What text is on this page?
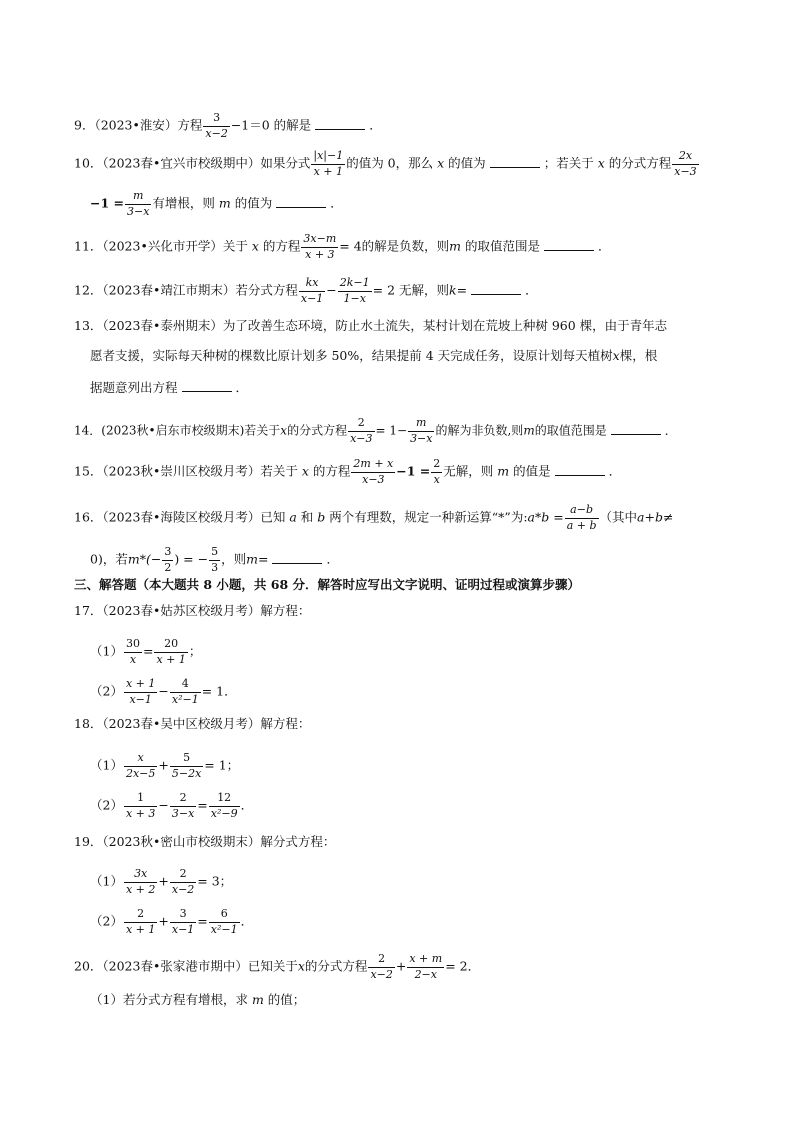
9．（2023•淮安）方程 $\frac{3}{x-2} -1=0$ 的解是	．
10．（2023春•宜兴市校级期中）如果分式 $\frac{|x|-1}{x + 1}$ 的值为 0，那么 x 的值为	；若关于 x 的分式方程 $\frac{2x}{x-3}$
$-1 = \frac{m}{3-x}$ 有增根，则 m 的值为	．
11．（2023•兴化市开学）关于 x 的方程 $\frac{3x-m}{x + 3} = 4$的解是负数，则m 的取值范围是	．
12．（2023春•靖江市期末）若分式方程 $\frac{kx}{x-1} - \frac{2k-1}{1-x} = 2$ 无解，则k=	．
13．（2023春•泰州期末）为了改善生态环境，防止水土流失，某村计划在荒坡上种树 960 棵，由于青年志
愿者支援，实际每天种树的棵数比原计划多 50%，结果提前 4 天完成任务，设原计划每天植树x棵，根
据题意列出方程	．
14．(2023秋•启东市校级期末)若关于x的分式方程 $\frac{2}{x-3} = 1- \frac{m}{3-x}$ 的解为非负数,则m的取值范围是	．
15．（2023秋•崇川区校级月考）若关于 x 的方程 $\frac{2m + x}{x-3} -1 = \frac{2}{x}$ 无解，则 m 的值是	．
16．（2023春•海陵区校级月考）已知 a 和 b 两个有理数，规定一种新运算“*”为:a*b = $\frac{a-b}{a + b}$ （其中a+b≠
0)，若$m*(- \frac{3}{2}$ ) = − $\frac{5}{3}$ ，则m=	．
三、解答题（本大题共 8 小题，共 68 分．解答时应写出文字说明、证明过程或演算步骤）
17．（2023春•姑苏区校级月考）解方程：
$(1) \frac{30}{x} = \frac{20}{x + 1}$ ；
$(2) \frac{x + 1}{x-1} - \frac{4}{\text{x²−1}} = 1$．
18．（2023春•吴中区校级月考）解方程：
$(1) \frac{x}{2x-5} + \frac{5}{5-2x} = 1$；
$(2) \frac{1}{x + 3} - \frac{2}{3-x} = \frac{12}{\text{x²−9}}$ ．
19．（2023秋•密山市校级期末）解分式方程：
$(1) \frac{3x}{x + 2} + \frac{2}{x-2} = 3$；
$(2) \frac{2}{x + 1} + \frac{3}{x-1} = \frac{6}{\text{x²−1}}$ ．
20．（2023春•张家港市期中）已知关于x的分式方程 $\frac{2}{x-2} + \frac{x + m}{2-x} = 2$．
（1）若分式方程有增根，求 m 的值；
